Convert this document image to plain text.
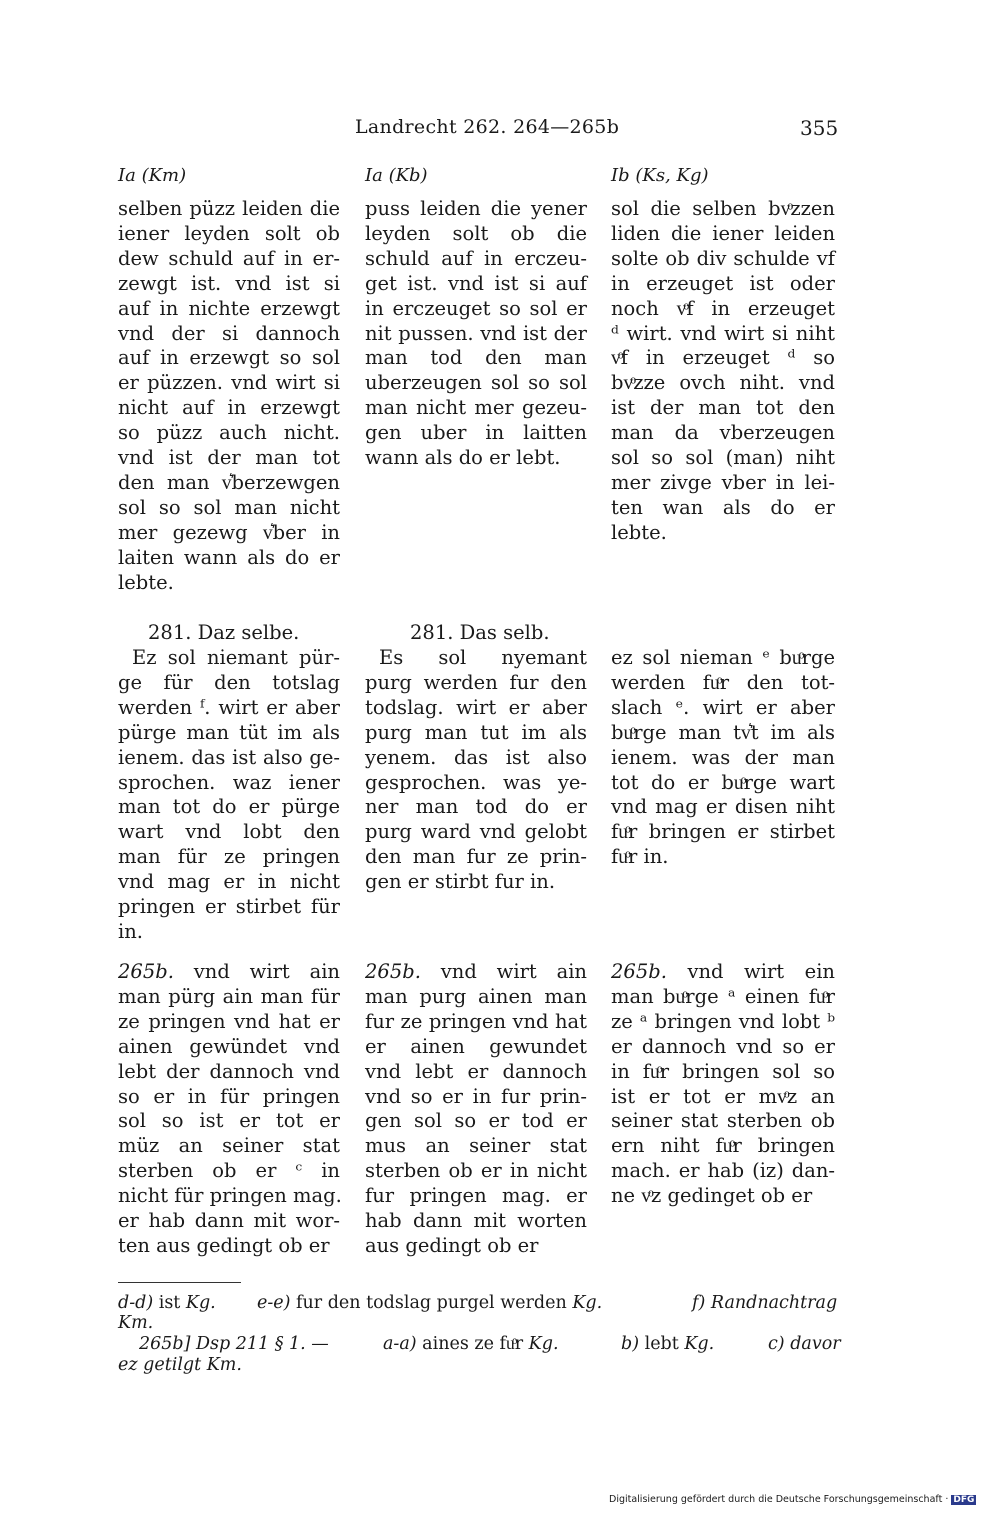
Landrecht 262. 264—265b	355
Ia (Km)	Ia (Kb)	Ib (Ks, Kg)
selben püzz leiden die
iener leyden solt ob
dew schuld auf in er-
zewgt ist. vnd ist si
auf in nichte erzewgt
vnd der si dannoch
auf in erzewgt so sol
er püzzen. vnd wirt si
nicht auf in erzewgt
so püzz auch nicht.
vnd ist der man tot
den man v͛berzewgen
sol so sol man nicht
mer gezewg v͛ber in
laiten wann als do er
lebte.
281. Daz selbe.
Ez sol niemant pür-
ge für den totslag
werden ᶠ. wirt er aber
pürge man tüt im als
ienem. das ist also ge-
sprochen. waz iener
man tot do er pürge
wart vnd lobt den
man für ze pringen
vnd mag er in nicht
pringen er stirbet für
in.
265b. vnd wirt ain
man pürg ain man für
ze pringen vnd hat er
ainen gewündet vnd
lebt der dannoch vnd
so er in für pringen
sol so ist er tot er
müz an seiner stat
sterben ob er ᶜ in
nicht für pringen mag.
er hab dann mit wor-
ten aus gedingt ob er
puss leiden die yener
leyden solt ob die
schuld auf in erczeu-
get ist. vnd ist si auf
in erczeuget so sol er
nit pussen. vnd ist der
man tod den man
uberzeugen sol so sol
man nicht mer gezeu-
gen uber in laitten
wann als do er lebt.
281. Das selb.
Es sol nyemant
purg werden fur den
todslag. wirt er aber
purg man tut im als
yenem. das ist also
gesprochen. was ye-
ner man tod do er
purg ward vnd gelobt
den man fur ze prin-
gen er stirbt fur in.
265b. vnd wirt ain
man purg ainen man
fur ze pringen vnd hat
er ainen gewundet
vnd lebt er dannoch
vnd so er in fur prin-
gen sol so er tod er
mus an seiner stat
sterben ob er in nicht
fur pringen mag. er
hab dann mit worten
aus gedingt ob er
sol die selben bvͦzzen
liden die iener leiden
solte ob div schulde vf
in erzeuget ist oder
noch vͦf in erzeuget
ᵈ wirt. vnd wirt si niht
vͦf in erzeuget ᵈ so
bvͦzze ovch niht. vnd
ist der man tot den
man da vberzeugen
sol so sol (man) niht
mer zivge vber in lei-
ten wan als do er
lebte.
ez sol nieman ᵉ buͦrge
werden fuͦr den tot-
slach ᵉ. wirt er aber
buͦrge man tv͛t im als
ienem. was der man
tot do er buͦrge wart
vnd mag er disen niht
fuͦr bringen er stirbet
fuͦr in.
265b. vnd wirt ein
man buͦrge ᵃ einen fuͦr
ze ᵃ bringen vnd lobt ᵇ
er dannoch vnd so er
in fuͦr bringen sol so
ist er tot er mvͦz an
seiner stat sterben ob
ern niht fuͦr bringen
mach. er hab (iz) dan-
ne vͦz gedinget ob er
d-d) ist Kg. e-e) fur den todslag purgel werden Kg.	f) Randnachtrag
Km.
265b] Dsp 211 § 1. —	a-a) aines ze fuͦr Kg.	b) lebt Kg.	c) davor
ez getilgt Km.
Digitalisierung gefördert durch die Deutsche Forschungsgemeinschaft · DFG
